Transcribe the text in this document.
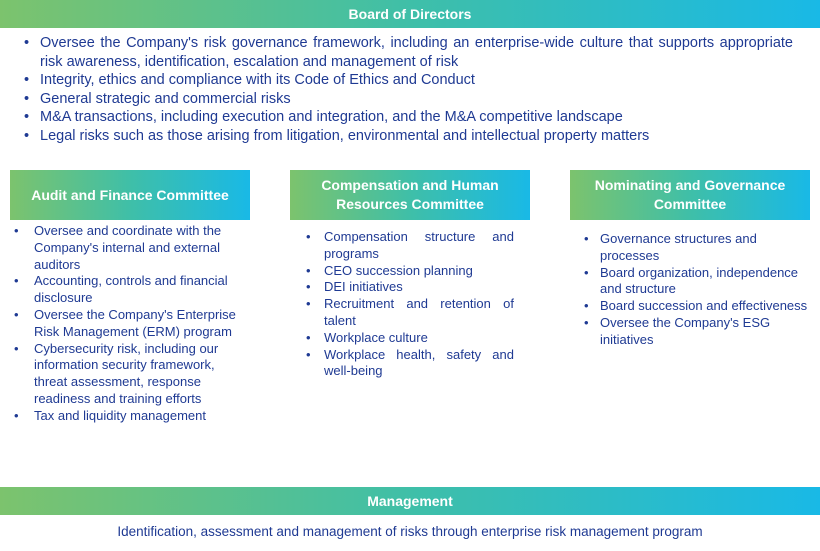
Board of Directors
• Oversee the Company's risk governance framework, including an enterprise-wide culture that supports appropriate risk awareness, identification, escalation and management of risk
• Integrity, ethics and compliance with its Code of Ethics and Conduct
• General strategic and commercial risks
• M&A transactions, including execution and integration, and the M&A competitive landscape
• Legal risks such as those arising from litigation, environmental and intellectual property matters
Audit and Finance Committee
• Oversee and coordinate with the Company's internal and external auditors
• Accounting, controls and financial disclosure
• Oversee the Company's Enterprise Risk Management (ERM) program
• Cybersecurity risk, including our information security framework, threat assessment, response readiness and training efforts
• Tax and liquidity management
Compensation and Human Resources Committee
• Compensation structure and programs
• CEO succession planning
• DEI initiatives
• Recruitment and retention of talent
• Workplace culture
• Workplace health, safety and well-being
Nominating and Governance Committee
• Governance structures and processes
• Board organization, independence and structure
• Board succession and effectiveness
• Oversee the Company's ESG initiatives
Management
Identification, assessment and management of risks through enterprise risk management program
